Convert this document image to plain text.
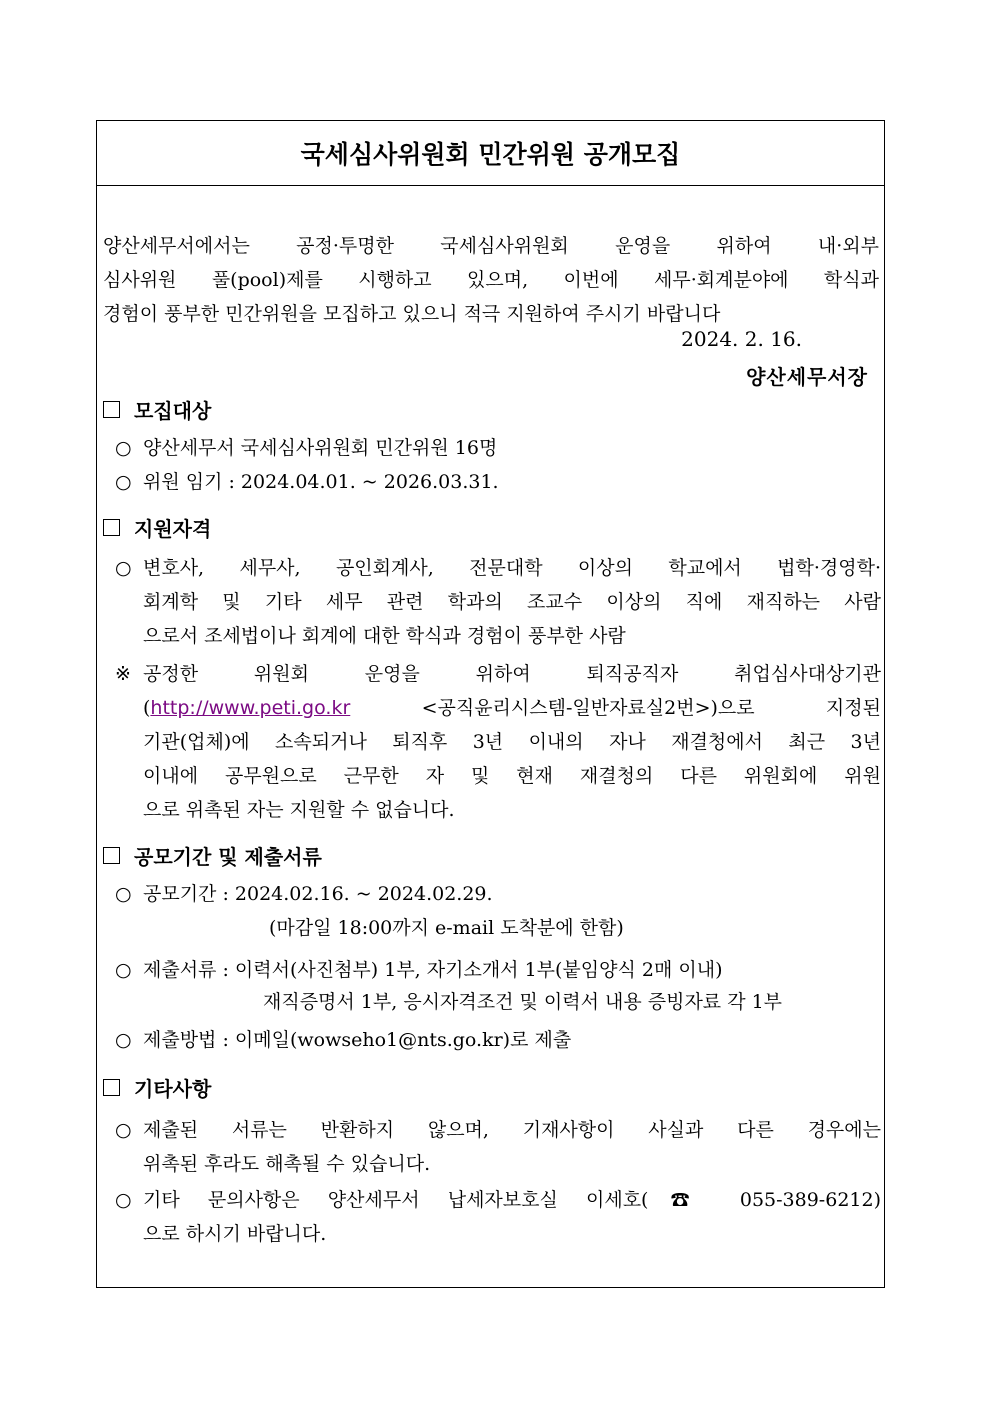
국세심사위원회 민간위원 공개모집
양산세무서에서는 공정·투명한 국세심사위원회 운영을 위하여 내·외부
심사위원 풀(pool)제를 시행하고 있으며, 이번에 세무·회계분야에 학식과
경험이 풍부한 민간위원을 모집하고 있으니 적극 지원하여 주시기 바랍니다
2024. 2. 16.
양산세무서장
모집대상
○ 양산세무서 국세심사위원회 민간위원 16명
○ 위원 임기 : 2024.04.01. ~ 2026.03.31.
지원자격
○ 변호사, 세무사, 공인회계사, 전문대학 이상의 학교에서 법학·경영학·
회계학 및 기타 세무 관련 학과의 조교수 이상의 직에 재직하는 사람
으로서 조세법이나 회계에 대한 학식과 경험이 풍부한 사람
※ 공정한 위원회 운영을 위하여 퇴직공직자 취업심사대상기관
(http://www.peti.go.kr <공직윤리시스템-일반자료실2번>)으로 지정된
기관(업체)에 소속되거나 퇴직후 3년 이내의 자나 재결청에서 최근 3년
이내에 공무원으로 근무한 자 및 현재 재결청의 다른 위원회에 위원
으로 위촉된 자는 지원할 수 없습니다.
공모기간 및 제출서류
○ 공모기간 : 2024.02.16. ~ 2024.02.29.
(마감일 18:00까지 e-mail 도착분에 한함)
○ 제출서류 : 이력서(사진첨부) 1부, 자기소개서 1부(붙임양식 2매 이내)
재직증명서 1부, 응시자격조건 및 이력서 내용 증빙자료 각 1부
○ 제출방법 : 이메일(wowseho1@nts.go.kr)로 제출
기타사항
○ 제출된 서류는 반환하지 않으며, 기재사항이 사실과 다른 경우에는
위촉된 후라도 해촉될 수 있습니다.
○ 기타 문의사항은 양산세무서 납세자보호실 이세호(☎ 055-389-6212)
으로 하시기 바랍니다.
